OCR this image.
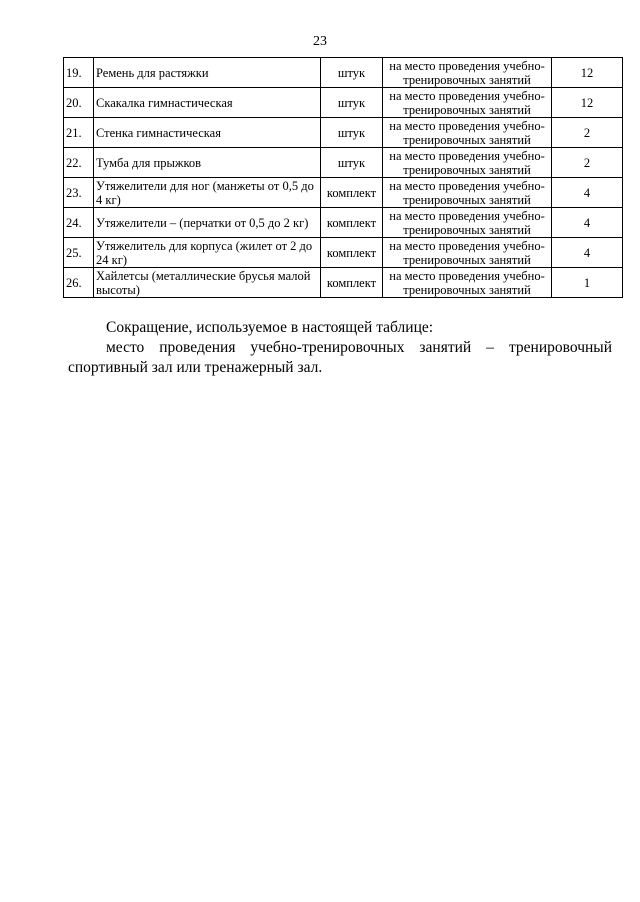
23
19.	Ремень для растяжки	штук	на место проведения учебно-тренировочных занятий	12
20.	Скакалка гимнастическая	штук	на место проведения учебно-тренировочных занятий	12
21.	Стенка гимнастическая	штук	на место проведения учебно-тренировочных занятий	2
22.	Тумба для прыжков	штук	на место проведения учебно-тренировочных занятий	2
23.	Утяжелители для ног (манжеты от 0,5 до 4 кг)	комплект	на место проведения учебно-тренировочных занятий	4
24.	Утяжелители – (перчатки от 0,5 до 2 кг)	комплект	на место проведения учебно-тренировочных занятий	4
25.	Утяжелитель для корпуса (жилет от 2 до 24 кг)	комплект	на место проведения учебно-тренировочных занятий	4
26.	Хайлетсы (металлические брусья малой высоты)	комплект	на место проведения учебно-тренировочных занятий	1
Сокращение, используемое в настоящей таблице:

место проведения учебно-тренировочных занятий – тренировочный

спортивный зал или тренажерный зал.
